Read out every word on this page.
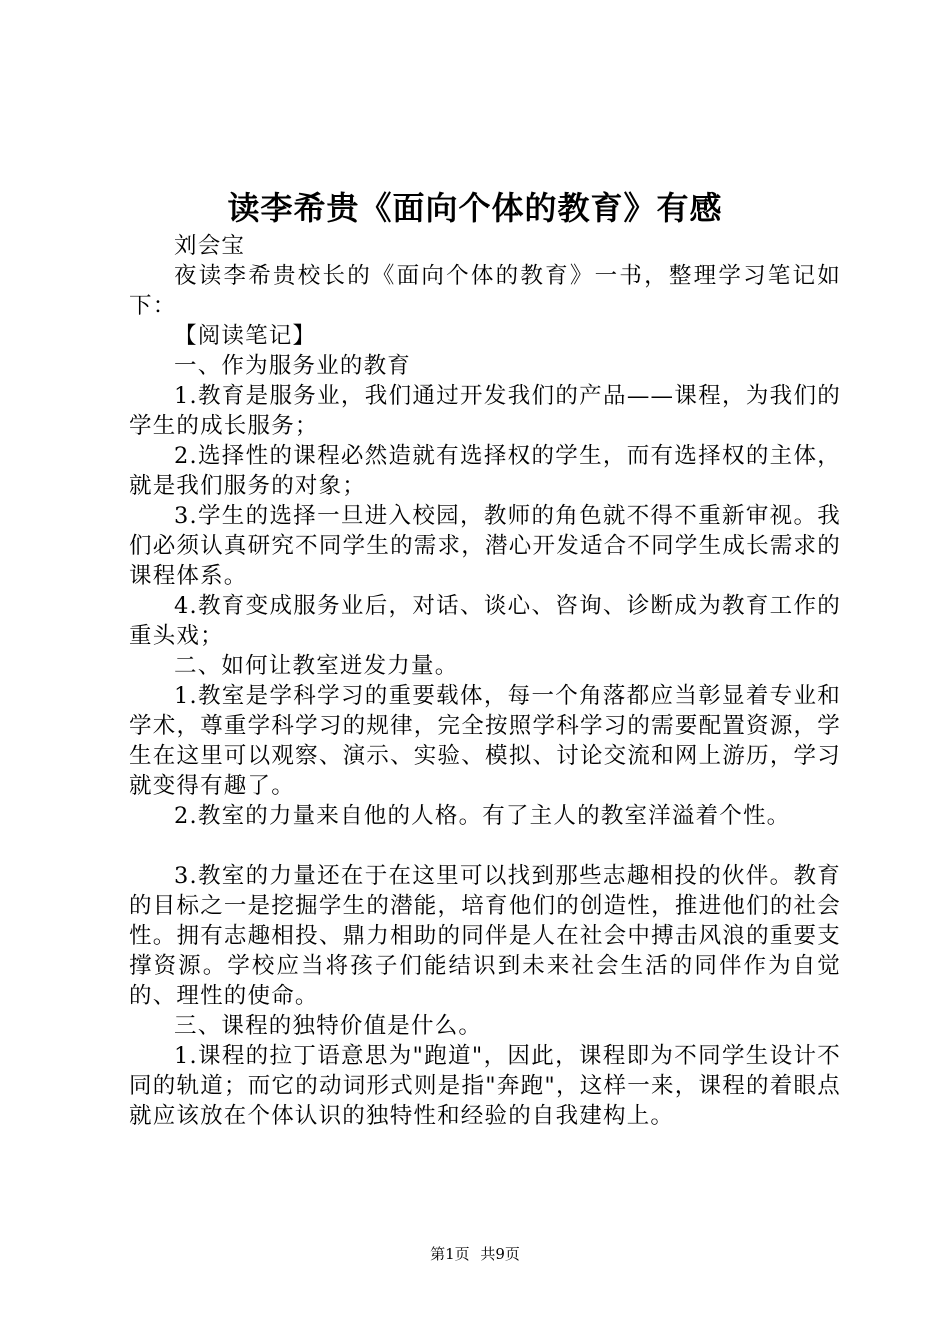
读李希贵《面向个体的教育》有感

刘会宝

夜读李希贵校长的《面向个体的教育》一书，整理学习笔记如下：

【阅读笔记】

一、作为服务业的教育

1.教育是服务业，我们通过开发我们的产品——课程，为我们的学生的成长服务；

2.选择性的课程必然造就有选择权的学生，而有选择权的主体，就是我们服务的对象；

3.学生的选择一旦进入校园，教师的角色就不得不重新审视。我们必须认真研究不同学生的需求，潜心开发适合不同学生成长需求的课程体系。

4.教育变成服务业后，对话、谈心、咨询、诊断成为教育工作的重头戏；

二、如何让教室迸发力量。

1.教室是学科学习的重要载体，每一个角落都应当彰显着专业和学术，尊重学科学习的规律，完全按照学科学习的需要配置资源，学生在这里可以观察、演示、实验、模拟、讨论交流和网上游历，学习就变得有趣了。

2.教室的力量来自他的人格。有了主人的教室洋溢着个性。

3.教室的力量还在于在这里可以找到那些志趣相投的伙伴。教育的目标之一是挖掘学生的潜能，培育他们的创造性，推进他们的社会性。拥有志趣相投、鼎力相助的同伴是人在社会中搏击风浪的重要支撑资源。学校应当将孩子们能结识到未来社会生活的同伴作为自觉的、理性的使命。

三、课程的独特价值是什么。

1.课程的拉丁语意思为"跑道"，因此，课程即为不同学生设计不同的轨道；而它的动词形式则是指"奔跑"，这样一来，课程的着眼点就应该放在个体认识的独特性和经验的自我建构上。

第1页 共9页
